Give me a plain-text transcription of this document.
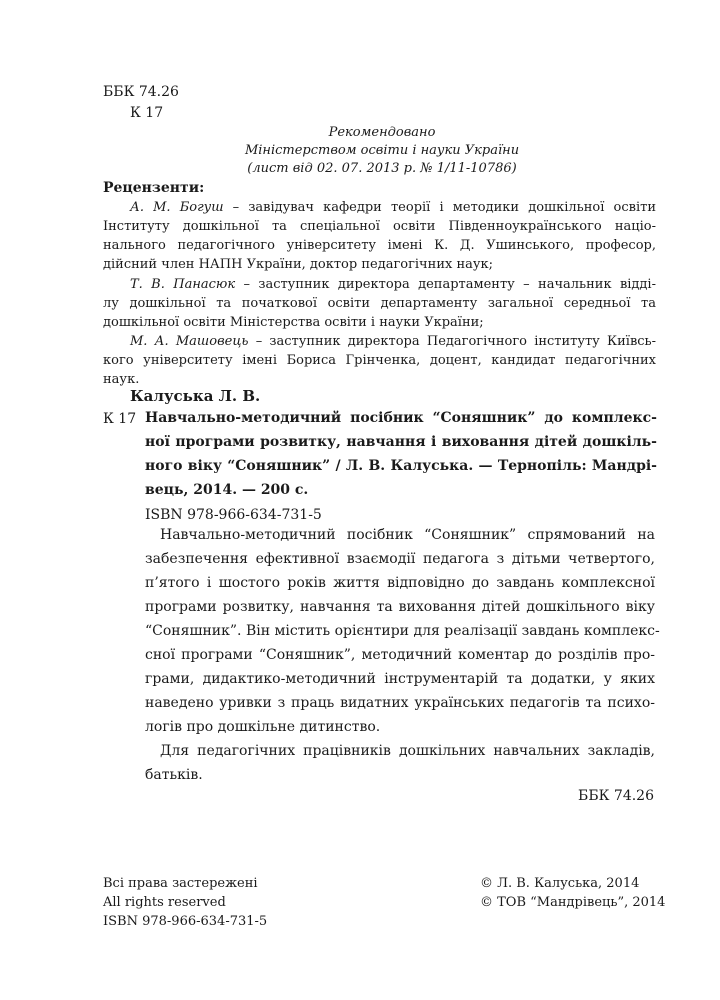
ББК 74.26
К 17
Рекомендовано
Міністерством освіти і науки України
(лист від 02. 07. 2013 р. № 1/11-10786)
Рецензенти:
А. М. Богуш – завідувач кафедри теорії і методики дошкільної освіти
Інституту дошкільної та спеціальної освіти Південноукраїнського націо-
нального педагогічного університету імені К. Д. Ушинського, професор,
дійсний член НАПН України, доктор педагогічних наук;
Т. В. Панасюк – заступник директора департаменту – начальник відді-
лу дошкільної та початкової освіти департаменту загальної середньої та
дошкільної освіти Міністерства освіти і науки України;
М. А. Машовець – заступник директора Педагогічного інституту Київсь-
кого університету імені Бориса Грінченка, доцент, кандидат педагогічних
наук.
Калуська Л. В.
К 17 Навчально-методичний посібник “Соняшник” до комплекс-
ної програми розвитку, навчання і виховання дітей дошкіль-
ного віку “Соняшник” / Л. В. Калуська. — Тернопіль: Мандрі-
вець, 2014. — 200 с.
ISBN 978-966-634-731-5
Навчально-методичний посібник “Соняшник” спрямований на
забезпечення ефективної взаємодії педагога з дітьми четвертого,
п’ятого і шостого років життя відповідно до завдань комплексної
програми розвитку, навчання та виховання дітей дошкільного віку
“Соняшник”. Він містить орієнтири для реалізації завдань комплекс-
сної програми “Соняшник”, методичний коментар до розділів про-
грами, дидактико-методичний інструментарій та додатки, у яких
наведено уривки з праць видатних українських педагогів та психо-
логів про дошкільне дитинство.
Для педагогічних працівників дошкільних навчальних закладів,
батьків.
ББК 74.26
Всі права застережені
All rights reserved
ISBN 978-966-634-731-5
© Л. В. Калуська, 2014
© ТОВ “Мандрівець”, 2014
